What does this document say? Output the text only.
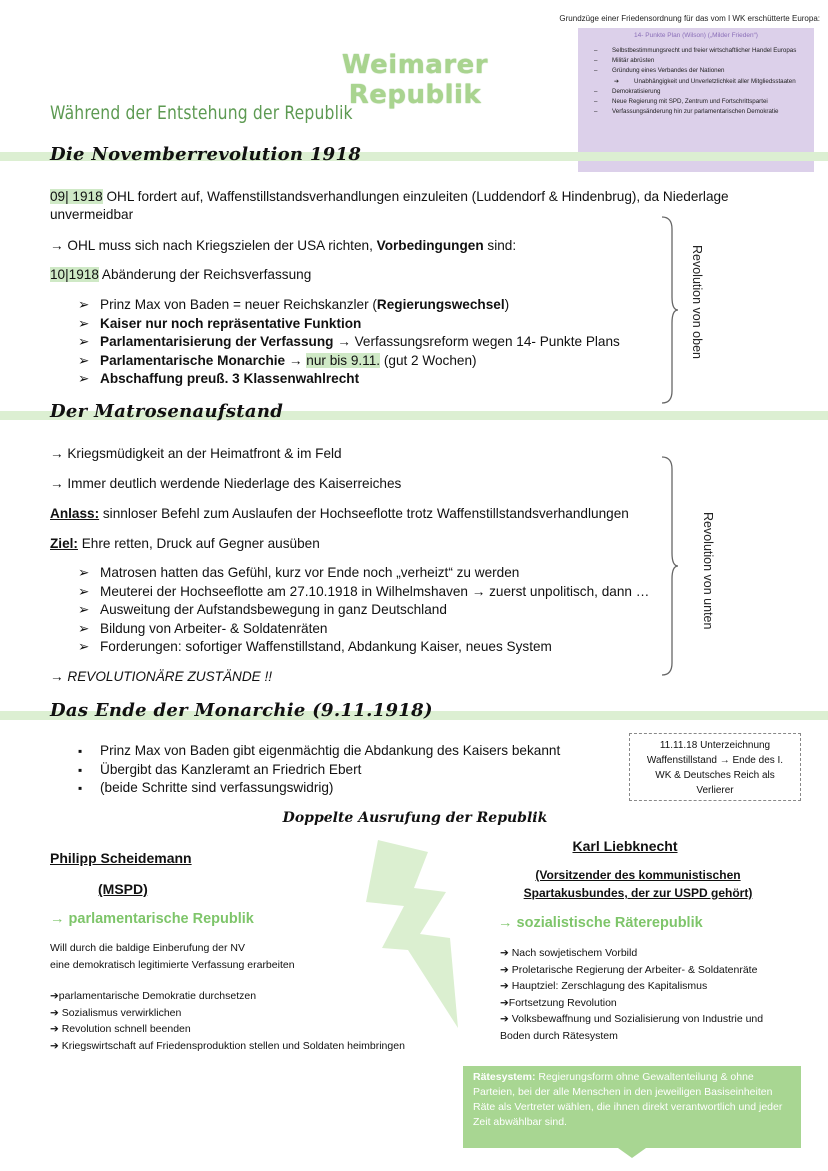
Grundzüge einer Friedensordnung für das vom I WK erschütterte Europa:
14- Punkte Plan (Wilson) („Milder Frieden“)
– Selbstbestimmungsrecht und freier wirtschaftlicher Handel Europas
– Militär abrüsten
– Gründung eines Verbandes der Nationen
➔ Unabhängigkeit und Unverletzlichkeit aller Mitgliedsstaaten
– Demokratisierung
– Neue Regierung mit SPD, Zentrum und Fortschrittspartei
– Verfassungsänderung hin zur parlamentarischen Demokratie
Weimarer Republik
Während der Entstehung der Republik
Die Novemberrevolution 1918
09| 1918 OHL fordert auf, Waffenstillstandsverhandlungen einzuleiten (Luddendorf & Hindenbrug), da Niederlage
unvermeidbar
→ OHL muss sich nach Kriegszielen der USA richten, Vorbedingungen sind:
10|1918 Abänderung der Reichsverfassung
➢ Prinz Max von Baden = neuer Reichskanzler (Regierungswechsel)
➢ Kaiser nur noch repräsentative Funktion
➢ Parlamentarisierung der Verfassung → Verfassungsreform wegen 14- Punkte Plans
➢ Parlamentarische Monarchie → nur bis 9.11. (gut 2 Wochen)
➢ Abschaffung preuß. 3 Klassenwahlrecht
Revolution von oben
Der Matrosenaufstand
→ Kriegsmüdigkeit an der Heimatfront & im Feld
→ Immer deutlich werdende Niederlage des Kaiserreiches
Anlass: sinnloser Befehl zum Auslaufen der Hochseeflotte trotz Waffenstillstandsverhandlungen
Ziel: Ehre retten, Druck auf Gegner ausüben
➢ Matrosen hatten das Gefühl, kurz vor Ende noch „verheizt“ zu werden
➢ Meuterei der Hochseeflotte am 27.10.1918 in Wilhelmshaven → zuerst unpolitisch, dann …
➢ Ausweitung der Aufstandsbewegung in ganz Deutschland
➢ Bildung von Arbeiter- & Soldatenräten
➢ Forderungen: sofortiger Waffenstillstand, Abdankung Kaiser, neues System
→ REVOLUTIONÄRE ZUSTÄNDE !!
Revolution von unten
Das Ende der Monarchie (9.11.1918)
▪ Prinz Max von Baden gibt eigenmächtig die Abdankung des Kaisers bekannt
▪ Übergibt das Kanzleramt an Friedrich Ebert
▪ (beide Schritte sind verfassungswidrig)
11.11.18 Unterzeichnung
Waffenstillstand → Ende des I.
WK & Deutsches Reich als
Verlierer
Doppelte Ausrufung der Republik
Philipp Scheidemann
(MSPD)
→ parlamentarische Republik
Will durch die baldige Einberufung der NV
eine demokratisch legitimierte Verfassung erarbeiten
➔parlamentarische Demokratie durchsetzen
➔ Sozialismus verwirklichen
➔ Revolution schnell beenden
➔ Kriegswirtschaft auf Friedensproduktion stellen und Soldaten heimbringen
Karl Liebknecht
(Vorsitzender des kommunistischen
Spartakusbundes, der zur USPD gehört)
→ sozialistische Räterepublik
➔ Nach sowjetischem Vorbild
➔ Proletarische Regierung der Arbeiter- & Soldatenräte
➔ Hauptziel: Zerschlagung des Kapitalismus
➔Fortsetzung Revolution
➔ Volksbewaffnung und Sozialisierung von Industrie und
Boden durch Rätesystem
Rätesystem: Regierungsform ohne Gewaltenteilung & ohne Parteien, bei der alle Menschen in den jeweiligen Basiseinheiten Räte als Vertreter wählen, die ihnen direkt verantwortlich und jeder Zeit abwählbar sind.
